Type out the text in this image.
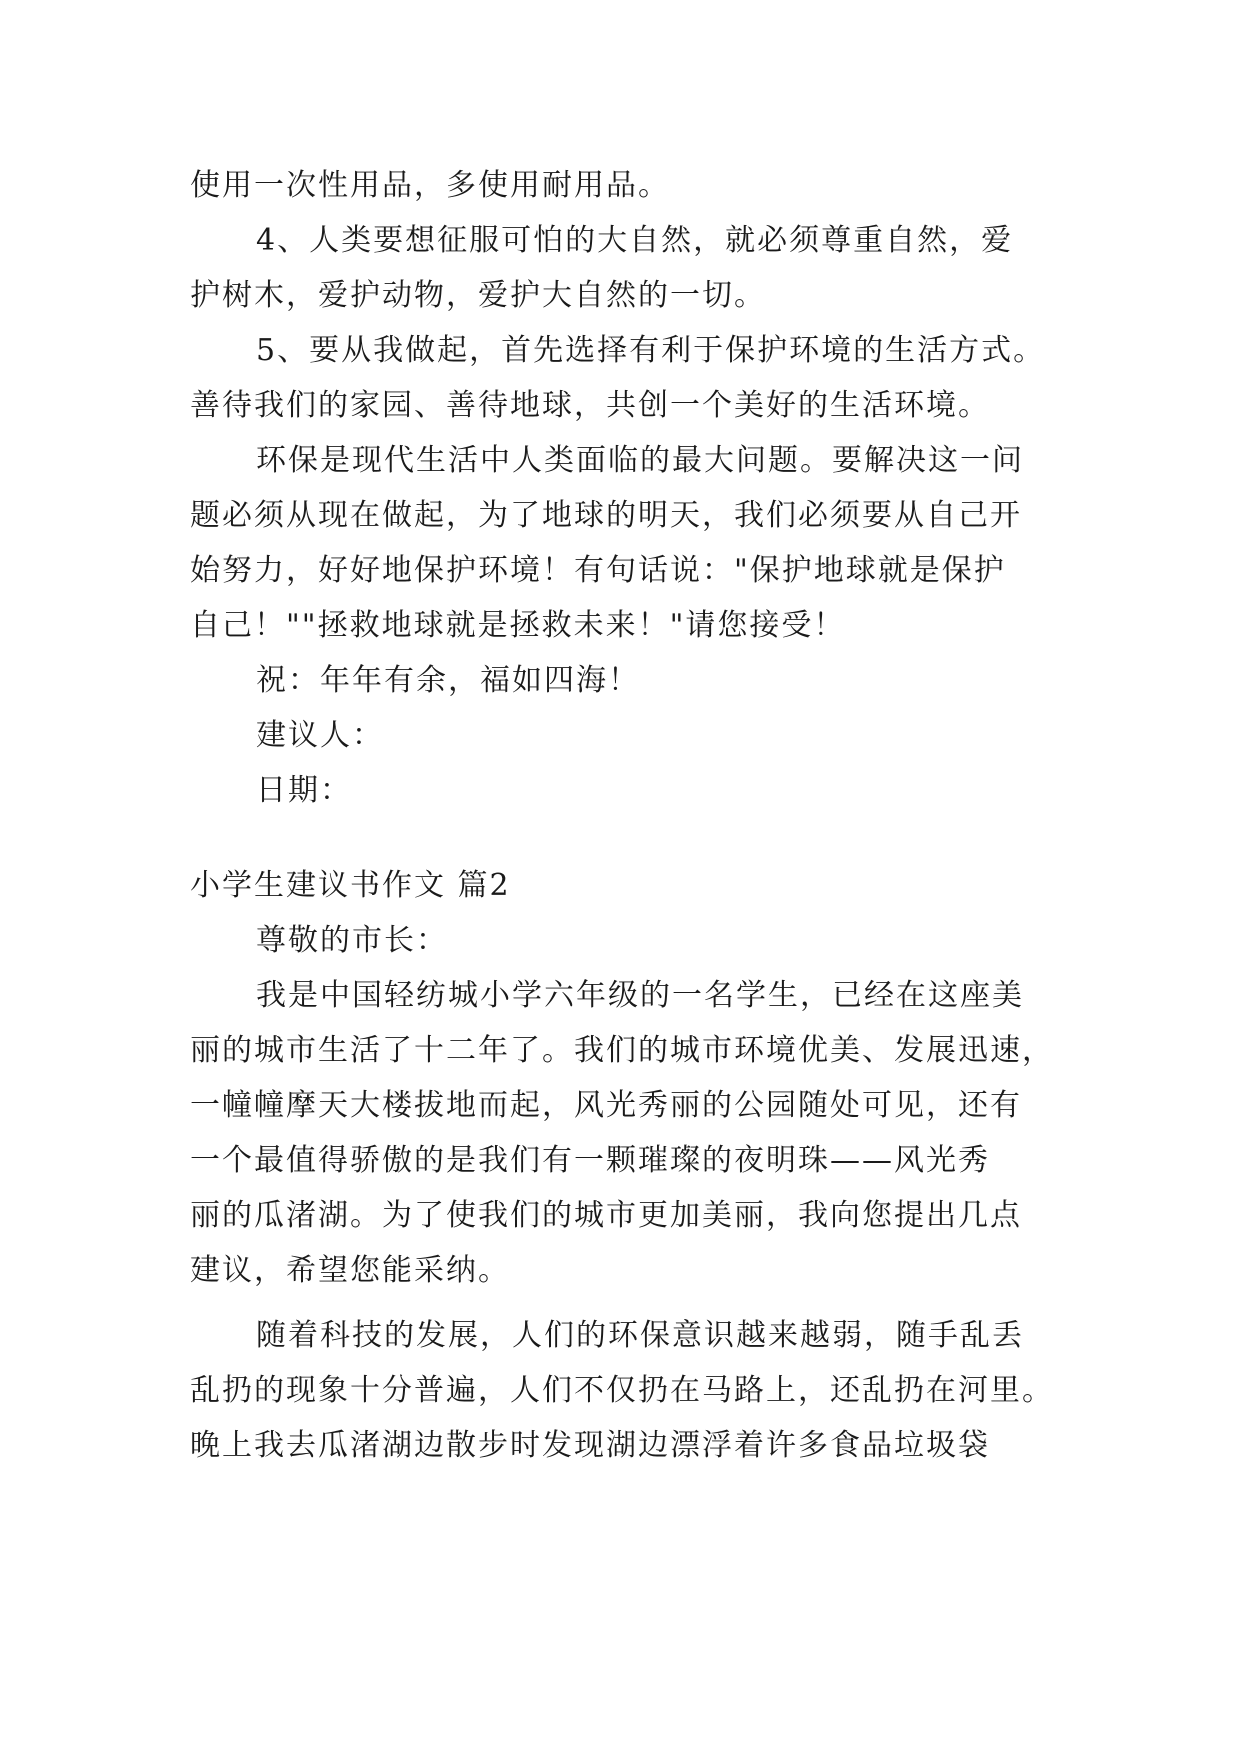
使用一次性用品，多使用耐用品。
4、人类要想征服可怕的大自然，就必须尊重自然，爱
护树木，爱护动物，爱护大自然的一切。
5、要从我做起，首先选择有利于保护环境的生活方式。
善待我们的家园、善待地球，共创一个美好的生活环境。
环保是现代生活中人类面临的最大问题。要解决这一问
题必须从现在做起，为了地球的明天，我们必须要从自己开
始努力，好好地保护环境！有句话说："保护地球就是保护
自己！""拯救地球就是拯救未来！"请您接受！
祝：年年有余，福如四海！
建议人：
日期：
小学生建议书作文 篇2
尊敬的市长：
我是中国轻纺城小学六年级的一名学生，已经在这座美
丽的城市生活了十二年了。我们的城市环境优美、发展迅速，
一幢幢摩天大楼拔地而起，风光秀丽的公园随处可见，还有
一个最值得骄傲的是我们有一颗璀璨的夜明珠——风光秀
丽的瓜渚湖。为了使我们的城市更加美丽，我向您提出几点
建议，希望您能采纳。
随着科技的发展，人们的环保意识越来越弱，随手乱丢
乱扔的现象十分普遍，人们不仅扔在马路上，还乱扔在河里。
晚上我去瓜渚湖边散步时发现湖边漂浮着许多食品垃圾袋
